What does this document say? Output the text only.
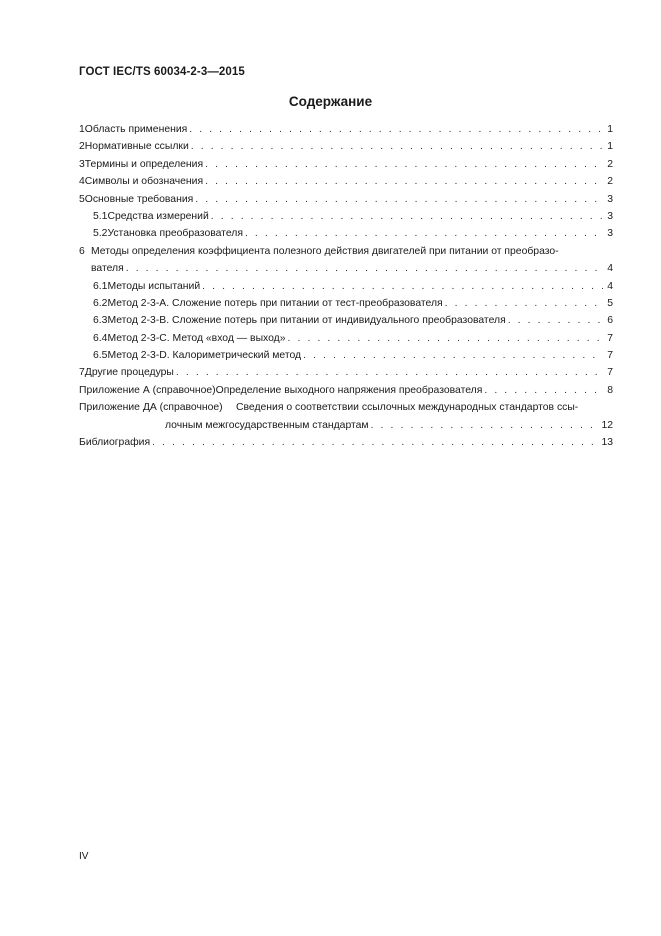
ГОСТ IEC/TS 60034-2-3—2015
Содержание
1 Область применения . . .	1
2 Нормативные ссылки . . .	1
3 Термины и определения . . .	2
4 Символы и обозначения . . .	2
5 Основные требования . . .	3
5.1 Средства измерений . . .	3
5.2 Установка преобразователя . . .	3
6 Методы определения коэффициента полезного действия двигателей при питании от преобразо-
вателя . . .	4
6.1 Методы испытаний . . .	4
6.2 Метод 2-3-А. Сложение потерь при питании от тест-преобразователя . . .	5
6.3 Метод 2-3-В. Сложение потерь при питании от индивидуального преобразователя . . .	6
6.4 Метод 2-3-С. Метод «вход — выход» . . .	7
6.5 Метод 2-3-D. Калориметрический метод . . .	7
7 Другие процедуры . . .	7
Приложение А (справочное) Определение выходного напряжения преобразователя . . .	8
Приложение ДА (справочное)	Сведения о соответствии ссылочных международных стандартов ссы-
лочным межгосударственным стандартам . . .	12
Библиография . . .	13
IV
